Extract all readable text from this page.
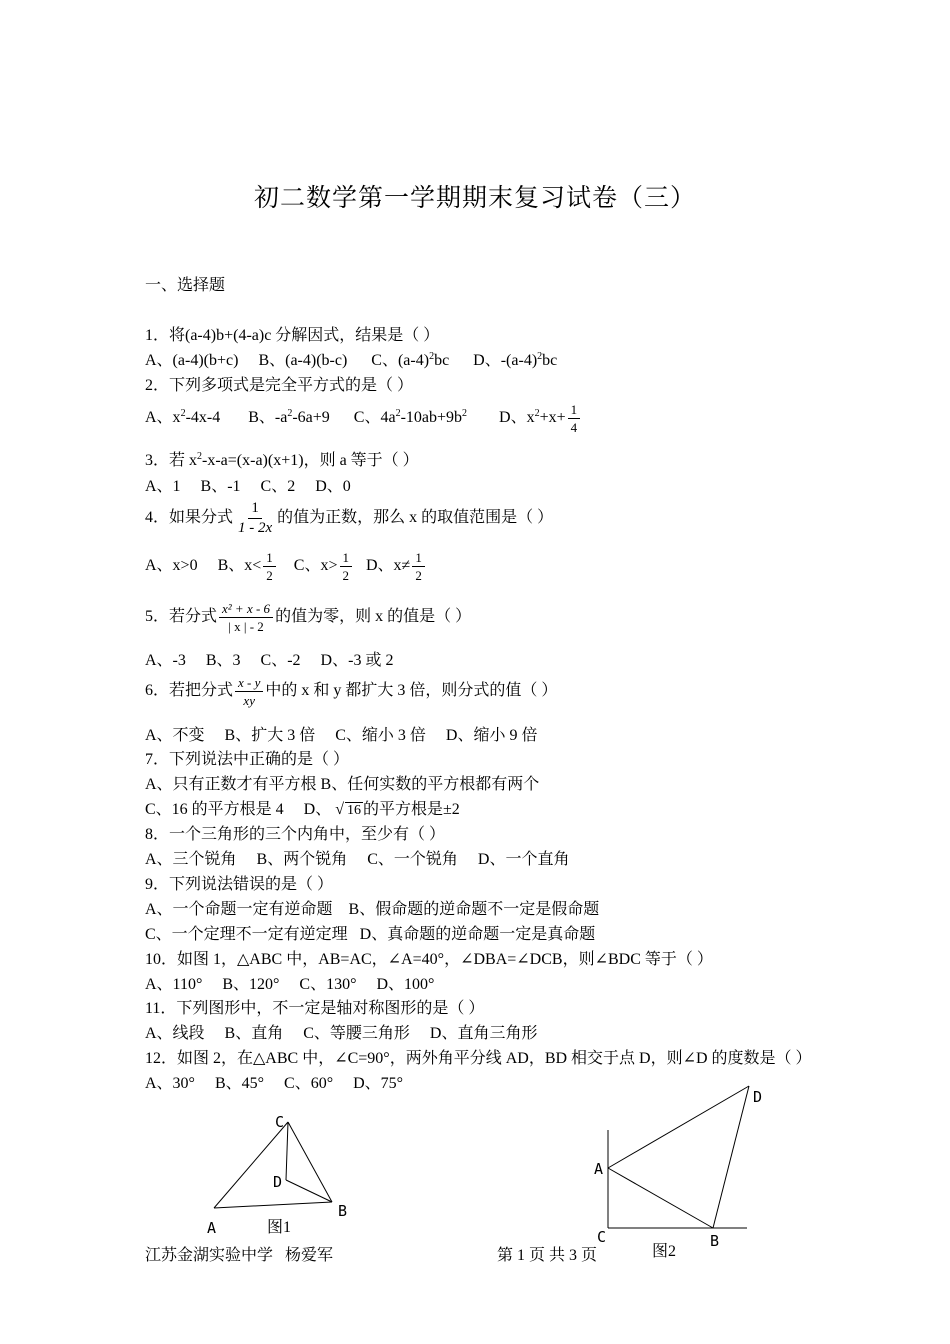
初二数学第一学期期末复习试卷（三）
一、选择题
1．将(a-4)b+(4-a)c 分解因式，结果是（ ）
A、(a-4)(b+c) B、(a-4)(b-c) C、$(a-4)^2bc$ D、$-(a-4)^2bc$
2．下列多项式是完全平方式的是（ ）
A、$x^2-4x-4$ B、$-a^2-6a+9$ C、$4a^2-10ab+9b^2$ D、$x^2+x+ \frac{1}{4}$
3．若 $x^2-x-a=(x-a)(x+1)$，则 a 等于（ ）
A、1     B、-1     C、2     D、0
4．如果分式 $\frac{1}{1 - 2x}$ 的值为正数，那么 x 的取值范围是（ ）
A、x>0 B、$x< \frac{1}{2}$ C、$x> \frac{1}{2}$ D、$x\ne \frac{1}{2}$
5．若分式 $\frac{\text{x² + x - 6}}{| x | - 2}$ 的值为零，则 x 的值是（ ）
A、-3     B、3     C、-2     D、-3 或 2
6．若把分式 $\frac{x - y}{xy}$ 中的 x 和 y 都扩大 3 倍，则分式的值（ ）
A、不变     B、扩大 3 倍     C、缩小 3 倍     D、缩小 9 倍
7．下列说法中正确的是（ ）
A、只有正数才有平方根 B、任何实数的平方根都有两个
C、16 的平方根是 4     D、 √ 16 的平方根是±2
8．一个三角形的三个内角中，至少有（ ）
A、三个锐角     B、两个锐角     C、一个锐角     D、一个直角
9．下列说法错误的是（ ）
A、一个命题一定有逆命题    B、假命题的逆命题不一定是假命题
C、一个定理不一定有逆定理   D、真命题的逆命题一定是真命题
10．如图 1，△ABC 中，AB=AC，∠A=40°，∠DBA=∠DCB，则∠BDC 等于（ ）
A、110°     B、120°     C、130°     D、100°
11．下列图形中，不一定是轴对称图形的是（ ）
A、线段     B、直角     C、等腰三角形     D、直角三角形
12．如图 2，在△ABC 中，∠C=90°，两外角平分线 AD，BD 相交于点 D，则∠D 的度数是（ ）
A、30°     B、45°     C、60°     D、75°
C
D
A
B
图1
D
A
C	B
图2
江苏金湖实验中学   杨爱军	第 1 页 共 3 页
